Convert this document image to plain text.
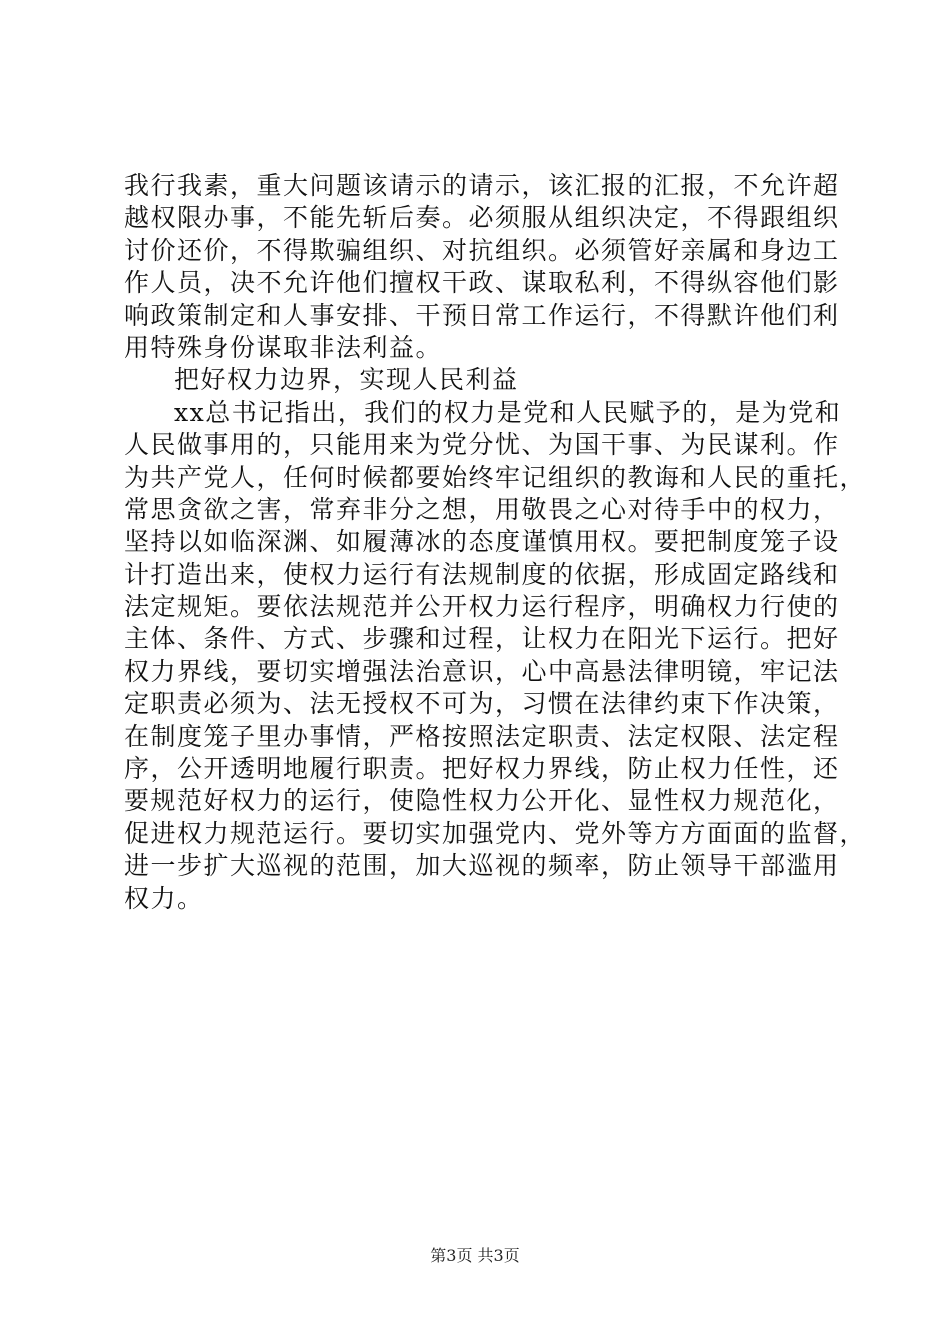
我行我素，重大问题该请示的请示，该汇报的汇报，不允许超
越权限办事，不能先斩后奏。必须服从组织决定，不得跟组织
讨价还价，不得欺骗组织、对抗组织。必须管好亲属和身边工
作人员，决不允许他们擅权干政、谋取私利，不得纵容他们影
响政策制定和人事安排、干预日常工作运行，不得默许他们利
用特殊身份谋取非法利益。
把好权力边界，实现人民利益
xx总书记指出，我们的权力是党和人民赋予的，是为党和
人民做事用的，只能用来为党分忧、为国干事、为民谋利。作
为共产党人，任何时候都要始终牢记组织的教诲和人民的重托，
常思贪欲之害，常弃非分之想，用敬畏之心对待手中的权力，
坚持以如临深渊、如履薄冰的态度谨慎用权。要把制度笼子设
计打造出来，使权力运行有法规制度的依据，形成固定路线和
法定规矩。要依法规范并公开权力运行程序，明确权力行使的
主体、条件、方式、步骤和过程，让权力在阳光下运行。把好
权力界线，要切实增强法治意识，心中高悬法律明镜，牢记法
定职责必须为、法无授权不可为，习惯在法律约束下作决策，
在制度笼子里办事情，严格按照法定职责、法定权限、法定程
序，公开透明地履行职责。把好权力界线，防止权力任性，还
要规范好权力的运行，使隐性权力公开化、显性权力规范化，
促进权力规范运行。要切实加强党内、党外等方方面面的监督，
进一步扩大巡视的范围，加大巡视的频率，防止领导干部滥用
权力。
第3页 共3页
